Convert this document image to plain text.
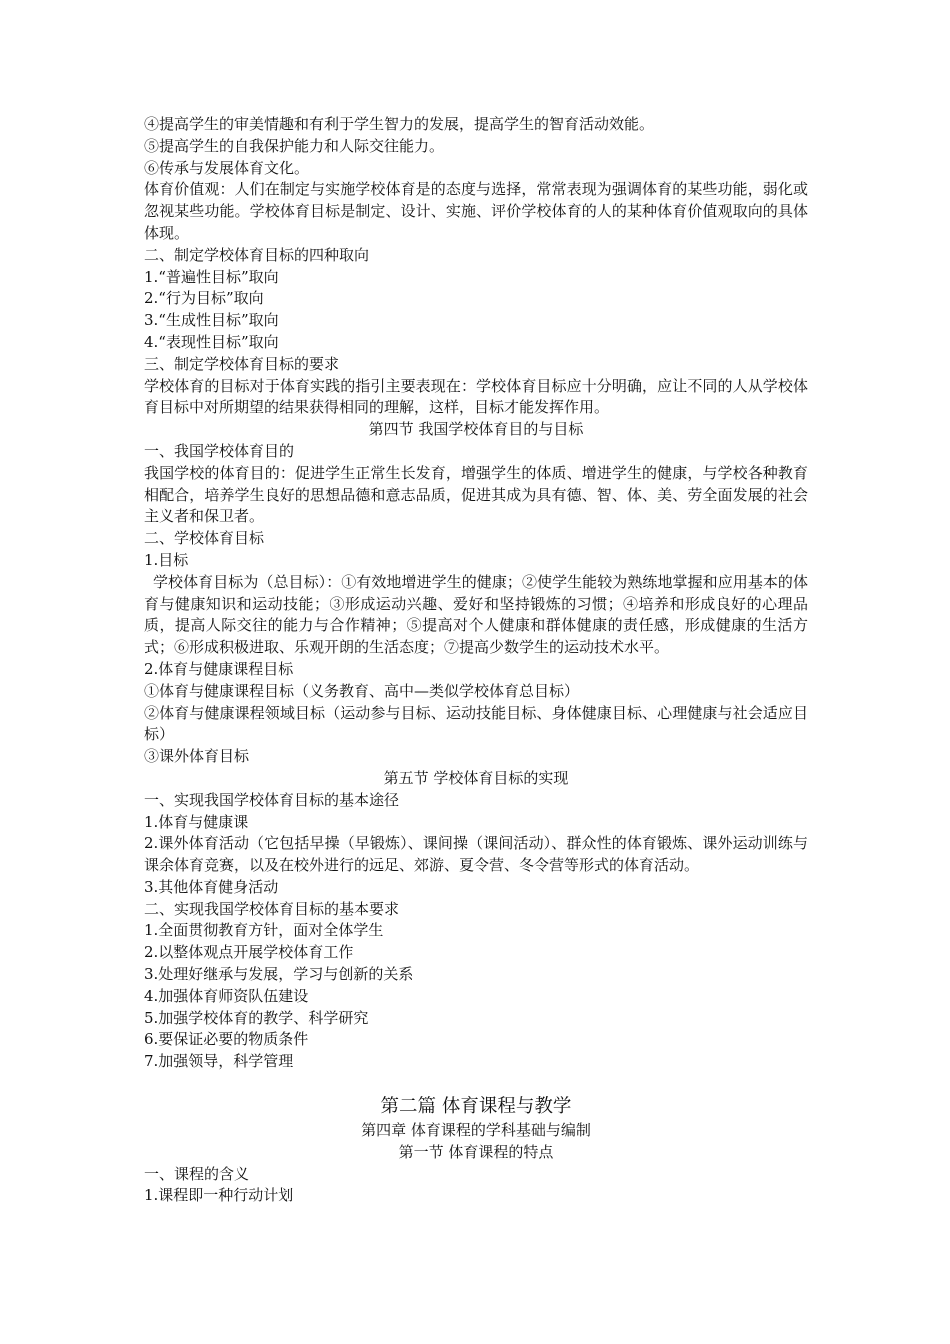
④提高学生的审美情趣和有利于学生智力的发展，提高学生的智育活动效能。

⑤提高学生的自我保护能力和人际交往能力。

⑥传承与发展体育文化。

体育价值观：人们在制定与实施学校体育是的态度与选择，常常表现为强调体育的某些功能，弱化或忽视某些功能。学校体育目标是制定、设计、实施、评价学校体育的人的某种体育价值观取向的具体体现。

二、制定学校体育目标的四种取向

1.“普遍性目标”取向

2.“行为目标”取向

3.“生成性目标”取向

4.“表现性目标”取向

三、制定学校体育目标的要求

学校体育的目标对于体育实践的指引主要表现在：学校体育目标应十分明确，应让不同的人从学校体育目标中对所期望的结果获得相同的理解，这样，目标才能发挥作用。

第四节 我国学校体育目的与目标

一、我国学校体育目的

我国学校的体育目的：促进学生正常生长发育，增强学生的体质、增进学生的健康，与学校各种教育相配合，培养学生良好的思想品德和意志品质，促进其成为具有德、智、体、美、劳全面发展的社会主义者和保卫者。

二、学校体育目标

1.目标

学校体育目标为（总目标）：①有效地增进学生的健康；②使学生能较为熟练地掌握和应用基本的体育与健康知识和运动技能；③形成运动兴趣、爱好和坚持锻炼的习惯；④培养和形成良好的心理品质，提高人际交往的能力与合作精神；⑤提高对个人健康和群体健康的责任感，形成健康的生活方式；⑥形成积极进取、乐观开朗的生活态度；⑦提高少数学生的运动技术水平。

2.体育与健康课程目标

①体育与健康课程目标（义务教育、高中—类似学校体育总目标）

②体育与健康课程领域目标（运动参与目标、运动技能目标、身体健康目标、心理健康与社会适应目标）

③课外体育目标

第五节 学校体育目标的实现

一、实现我国学校体育目标的基本途径

1.体育与健康课

2.课外体育活动（它包括早操（早锻炼）、课间操（课间活动）、群众性的体育锻炼、课外运动训练与课余体育竞赛，以及在校外进行的远足、郊游、夏令营、冬令营等形式的体育活动。

3.其他体育健身活动

二、实现我国学校体育目标的基本要求

1.全面贯彻教育方针，面对全体学生

2.以整体观点开展学校体育工作

3.处理好继承与发展，学习与创新的关系

4.加强体育师资队伍建设

5.加强学校体育的教学、科学研究

6.要保证必要的物质条件

7.加强领导，科学管理

第二篇 体育课程与教学

第四章 体育课程的学科基础与编制

第一节 体育课程的特点

一、课程的含义

1.课程即一种行动计划
